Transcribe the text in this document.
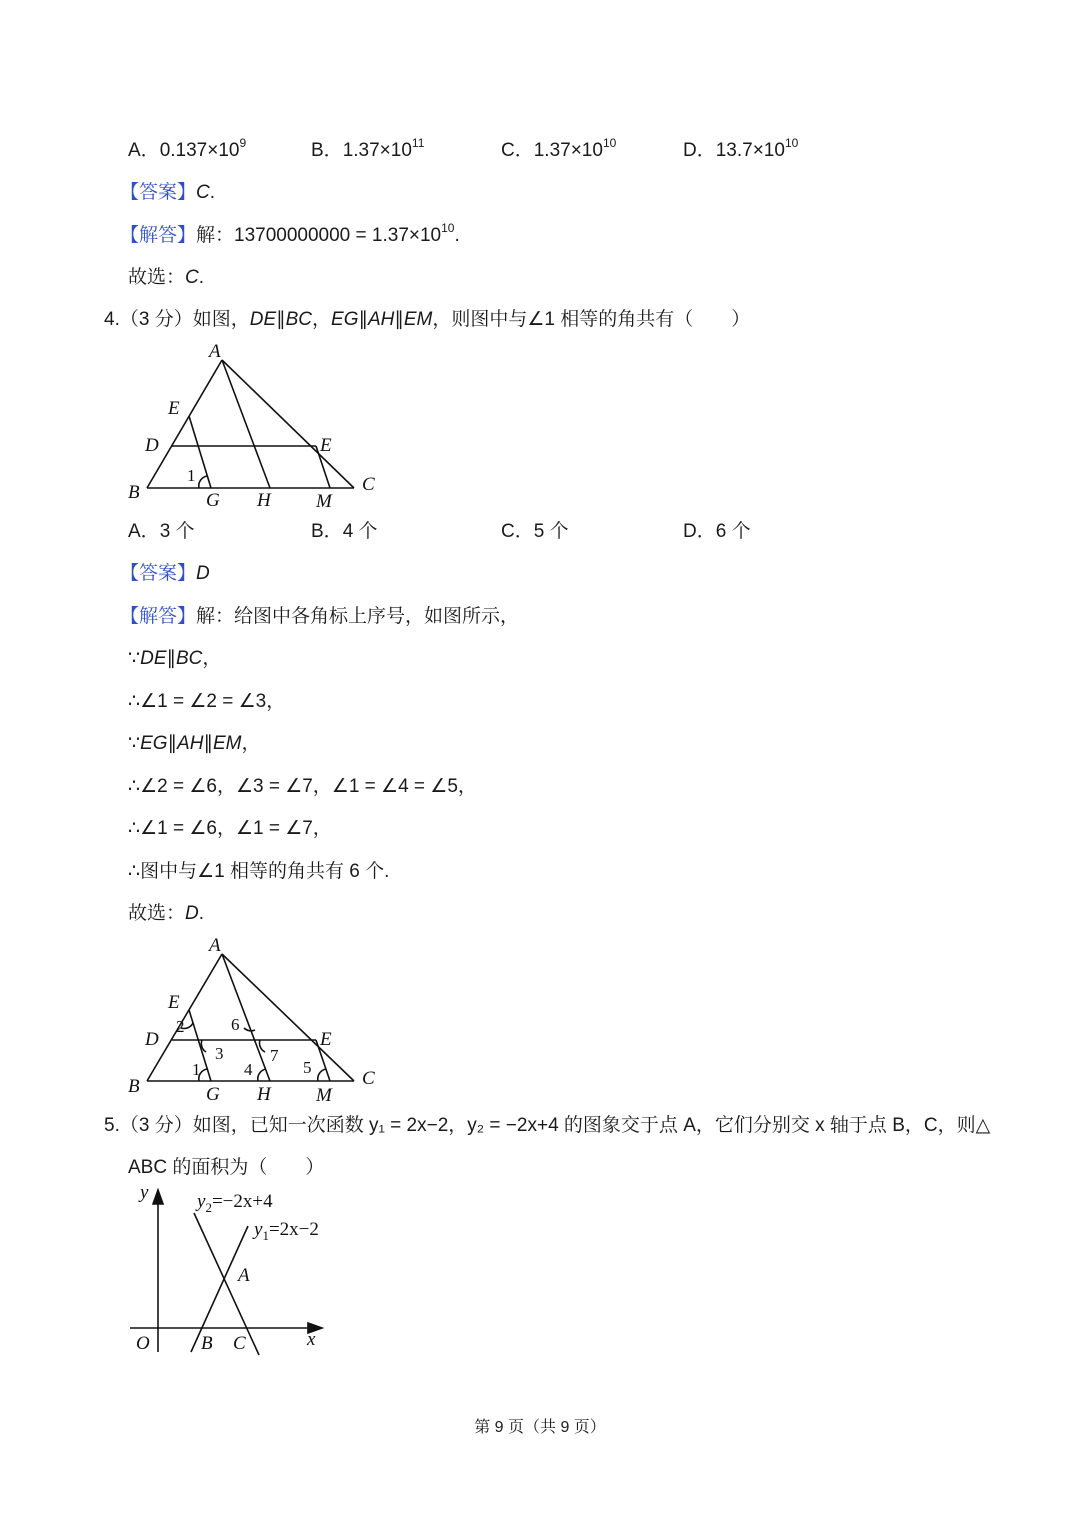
A．$0.137\times 10^9$	B．$1.37\times 10^{11}$	C．$1.37\times 10^{10}$	D．$13.7\times 10^{10}$
【答案】C.
【解答】解：$13700000000 = 1.37\times 10^{10}$.
故选：C.
4.（3 分）如图，DE∥BC，EG∥AH∥EM，则图中与∠1 相等的角共有（　　）
A
E
D	E
B	G H M
C
1
A．3 个	B．4 个	C．5 个	D．6 个
【答案】D
【解答】解：给图中各角标上序号，如图所示，
∵DE∥BC，
∴∠1 = ∠2 = ∠3，
∵EG∥AH∥EM，
∴∠2 = ∠6，∠3 = ∠7，∠1 = ∠4 = ∠5，
∴∠1 = ∠6，∠1 = ∠7，
∴图中与∠1 相等的角共有 6 个.
故选：D.
A
E
D	E
B	G H M
C
1
2
3
4	5
6
7
5.（3 分）如图，已知一次函数 y₁ = 2x−2，y₂ = −2x+4 的图象交于点 A，它们分别交 x 轴于点 B，C，则△
ABC 的面积为（　　）
y
x
O
A
B C
$y_2=-2x+4$
$y_1=2x-2$
第 9 页（共 9 页）
